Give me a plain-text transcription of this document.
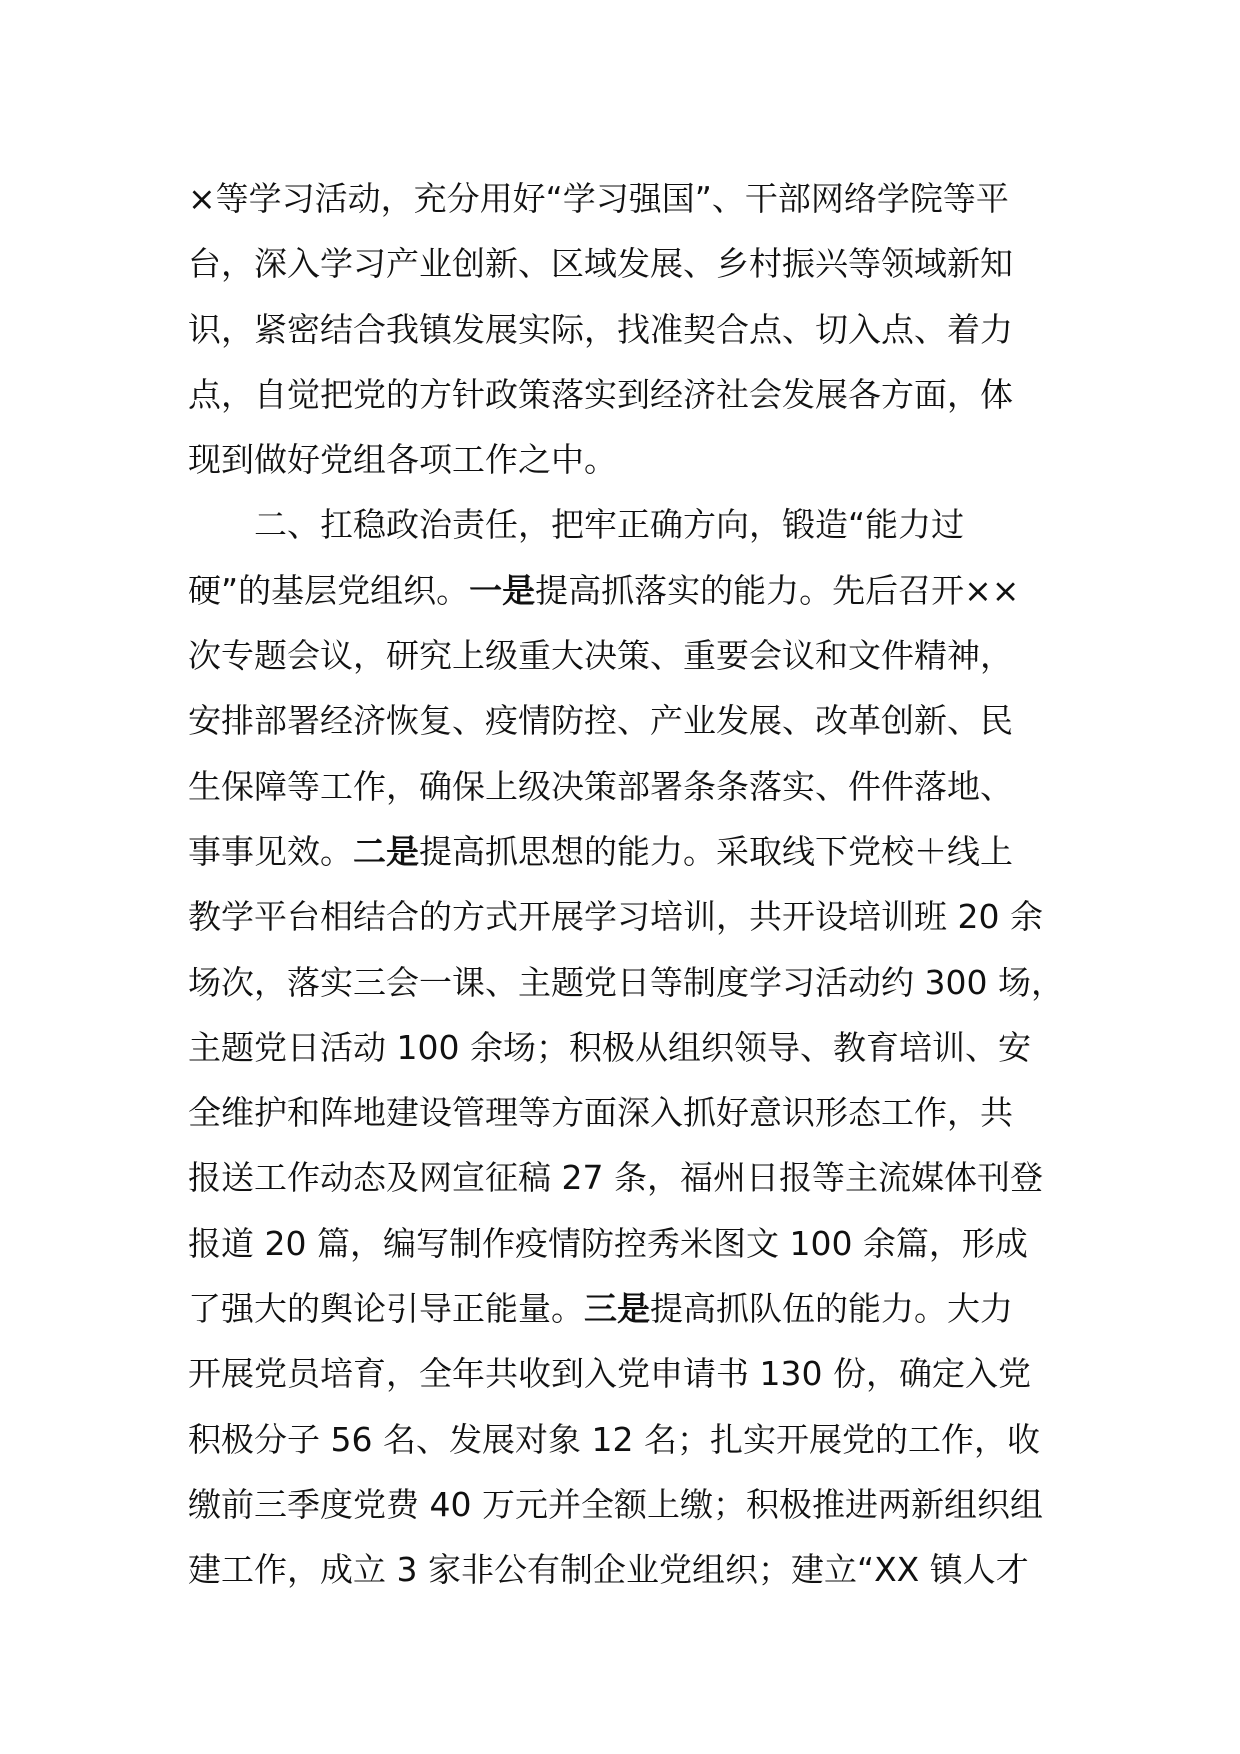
×等学习活动，充分用好“学习强国”、干部网络学院等平
台，深入学习产业创新、区域发展、乡村振兴等领域新知
识，紧密结合我镇发展实际，找准契合点、切入点、着力
点，自觉把党的方针政策落实到经济社会发展各方面，体
现到做好党组各项工作之中。
二、扛稳政治责任，把牢正确方向，锻造“能力过
硬”的基层党组织。一是提高抓落实的能力。先后召开××
次专题会议，研究上级重大决策、重要会议和文件精神，
安排部署经济恢复、疫情防控、产业发展、改革创新、民
生保障等工作，确保上级决策部署条条落实、件件落地、
事事见效。二是提高抓思想的能力。采取线下党校＋线上
教学平台相结合的方式开展学习培训，共开设培训班 20 余
场次，落实三会一课、主题党日等制度学习活动约 300 场，
主题党日活动 100 余场；积极从组织领导、教育培训、安
全维护和阵地建设管理等方面深入抓好意识形态工作，共
报送工作动态及网宣征稿 27 条，福州日报等主流媒体刊登
报道 20 篇，编写制作疫情防控秀米图文 100 余篇，形成
了强大的舆论引导正能量。三是提高抓队伍的能力。大力
开展党员培育，全年共收到入党申请书 130 份，确定入党
积极分子 56 名、发展对象 12 名；扎实开展党的工作，收
缴前三季度党费 40 万元并全额上缴；积极推进两新组织组
建工作，成立 3 家非公有制企业党组织；建立“XX 镇人才
